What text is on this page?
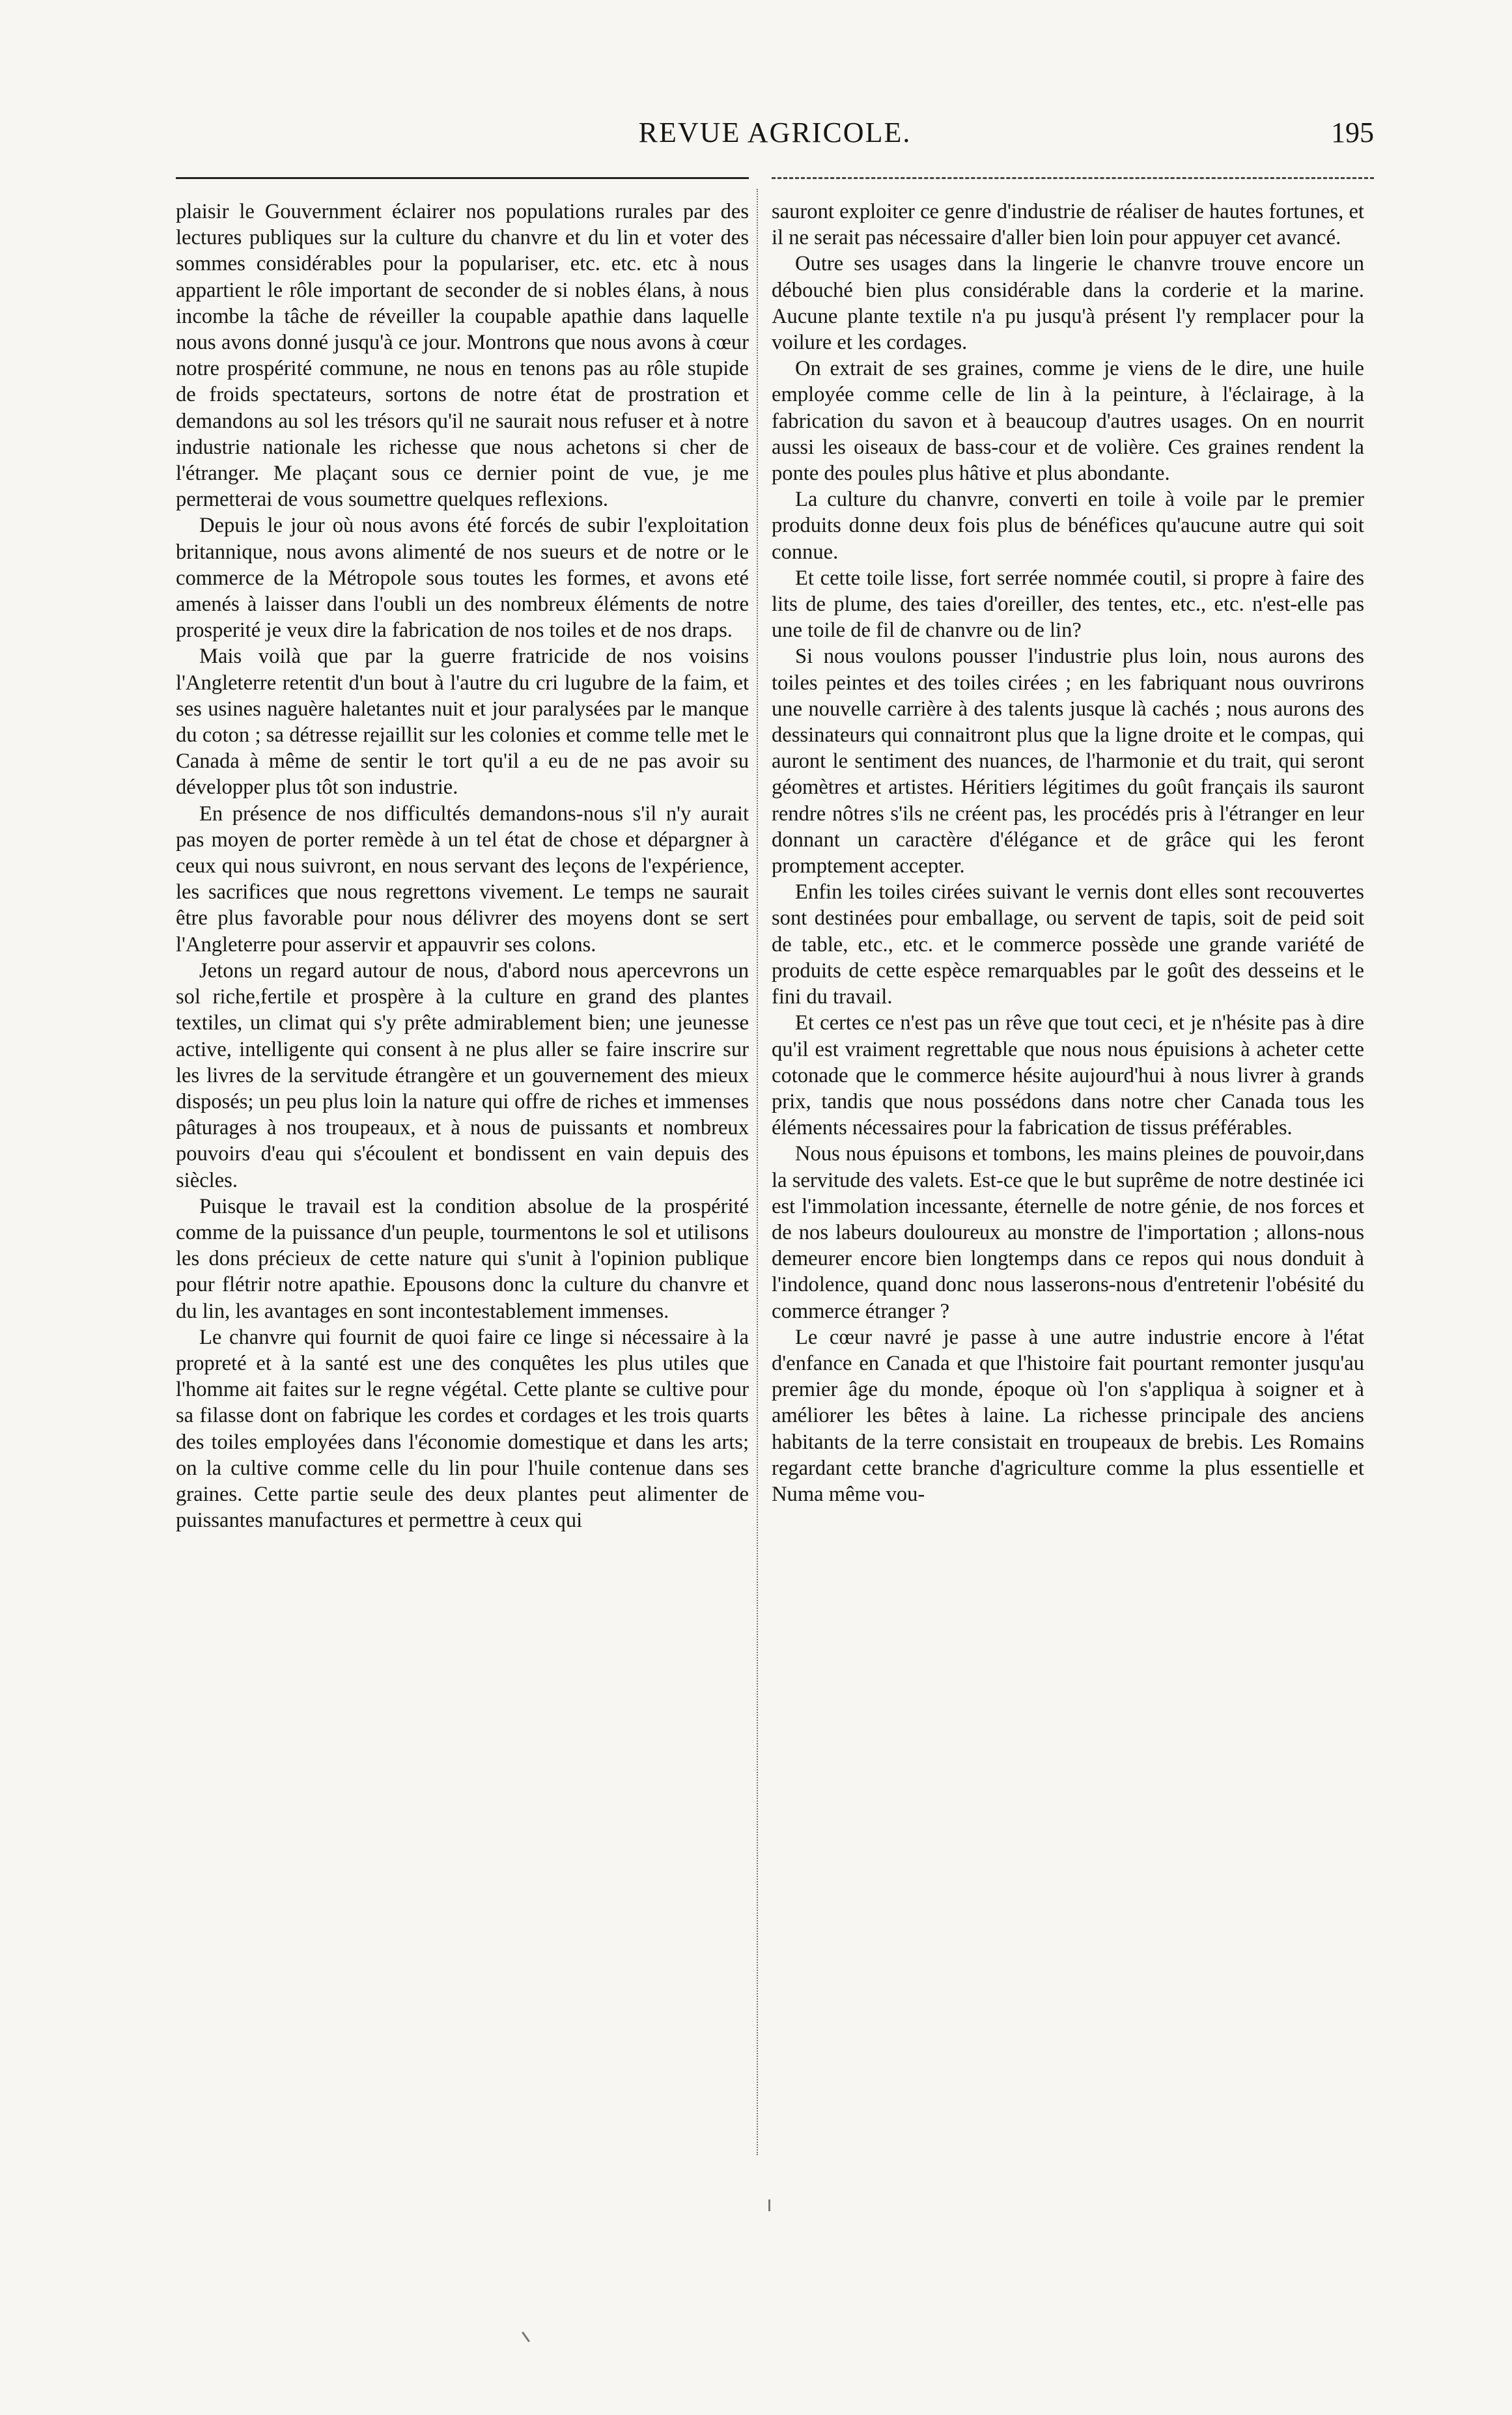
REVUE AGRICOLE.	195

plaisir le Gouvernment éclairer nos populations rurales par des lectures publiques sur la culture du chanvre et du lin et voter des sommes considérables pour la populariser, etc. etc. etc à nous appartient le rôle important de seconder de si nobles élans, à nous incombe la tâche de réveiller la coupable apathie dans laquelle nous avons donné jusqu'à ce jour. Montrons que nous avons à cœur notre prospérité commune, ne nous en tenons pas au rôle stupide de froids spectateurs, sortons de notre état de prostration et demandons au sol les trésors qu'il ne saurait nous refuser et à notre industrie nationale les richesse que nous achetons si cher de l'étranger. Me plaçant sous ce dernier point de vue, je me permetterai de vous soumettre quelques reflexions.

Depuis le jour où nous avons été forcés de subir l'exploitation britannique, nous avons alimenté de nos sueurs et de notre or le commerce de la Métropole sous toutes les formes, et avons eté amenés à laisser dans l'oubli un des nombreux éléments de notre prosperité je veux dire la fabrication de nos toiles et de nos draps.

Mais voilà que par la guerre fratricide de nos voisins l'Angleterre retentit d'un bout à l'autre du cri lugubre de la faim, et ses usines naguère haletantes nuit et jour paralysées par le manque du coton ; sa détresse rejaillit sur les colonies et comme telle met le Canada à même de sentir le tort qu'il a eu de ne pas avoir su développer plus tôt son industrie.

En présence de nos difficultés demandons-nous s'il n'y aurait pas moyen de porter remède à un tel état de chose et dépargner à ceux qui nous suivront, en nous servant des leçons de l'expérience, les sacrifices que nous regrettons vivement. Le temps ne saurait être plus favorable pour nous délivrer des moyens dont se sert l'Angleterre pour asservir et appauvrir ses colons.

Jetons un regard autour de nous, d'abord nous apercevrons un sol riche,fertile et prospère à la culture en grand des plantes textiles, un climat qui s'y prête admirablement bien; une jeunesse active, intelligente qui consent à ne plus aller se faire inscrire sur les livres de la servitude étrangère et un gouvernement des mieux disposés; un peu plus loin la nature qui offre de riches et immenses pâturages à nos troupeaux, et à nous de puissants et nombreux pouvoirs d'eau qui s'écoulent et bondissent en vain depuis des siècles.

Puisque le travail est la condition absolue de la prospérité comme de la puissance d'un peuple, tourmentons le sol et utilisons les dons précieux de cette nature qui s'unit à l'opinion publique pour flétrir notre apathie. Epousons donc la culture du chanvre et du lin, les avantages en sont incontestablement immenses.

Le chanvre qui fournit de quoi faire ce linge si nécessaire à la propreté et à la santé est une des conquêtes les plus utiles que l'homme ait faites sur le regne végétal. Cette plante se cultive pour sa filasse dont on fabrique les cordes et cordages et les trois quarts des toiles employées dans l'économie domestique et dans les arts; on la cultive comme celle du lin pour l'huile contenue dans ses graines. Cette partie seule des deux plantes peut alimenter de puissantes manufactures et permettre à ceux qui

sauront exploiter ce genre d'industrie de réaliser de hautes fortunes, et il ne serait pas nécessaire d'aller bien loin pour appuyer cet avancé.

Outre ses usages dans la lingerie le chanvre trouve encore un débouché bien plus considérable dans la corderie et la marine. Aucune plante textile n'a pu jusqu'à présent l'y remplacer pour la voilure et les cordages.

On extrait de ses graines, comme je viens de le dire, une huile employée comme celle de lin à la peinture, à l'éclairage, à la fabrication du savon et à beaucoup d'autres usages. On en nourrit aussi les oiseaux de bass-cour et de volière. Ces graines rendent la ponte des poules plus hâtive et plus abondante.

La culture du chanvre, converti en toile à voile par le premier produits donne deux fois plus de bénéfices qu'aucune autre qui soit connue.

Et cette toile lisse, fort serrée nommée coutil, si propre à faire des lits de plume, des taies d'oreiller, des tentes, etc., etc. n'est-elle pas une toile de fil de chanvre ou de lin?

Si nous voulons pousser l'industrie plus loin, nous aurons des toiles peintes et des toiles cirées ; en les fabriquant nous ouvrirons une nouvelle carrière à des talents jusque là cachés ; nous aurons des dessinateurs qui connaitront plus que la ligne droite et le compas, qui auront le sentiment des nuances, de l'harmonie et du trait, qui seront géomètres et artistes. Héritiers légitimes du goût français ils sauront rendre nôtres s'ils ne créent pas, les procédés pris à l'étranger en leur donnant un caractère d'élégance et de grâce qui les feront promptement accepter.

Enfin les toiles cirées suivant le vernis dont elles sont recouvertes sont destinées pour emballage, ou servent de tapis, soit de peid soit de table, etc., etc. et le commerce possède une grande variété de produits de cette espèce remarquables par le goût des desseins et le fini du travail.

Et certes ce n'est pas un rêve que tout ceci, et je n'hésite pas à dire qu'il est vraiment regrettable que nous nous épuisions à acheter cette cotonade que le commerce hésite aujourd'hui à nous livrer à grands prix, tandis que nous possédons dans notre cher Canada tous les éléments nécessaires pour la fabrication de tissus préférables.

Nous nous épuisons et tombons, les mains pleines de pouvoir,dans la servitude des valets. Est-ce que le but suprême de notre destinée ici est l'immolation incessante, éternelle de notre génie, de nos forces et de nos labeurs douloureux au monstre de l'importation ; allons-nous demeurer encore bien longtemps dans ce repos qui nous donduit à l'indolence, quand donc nous lasserons-nous d'entretenir l'obésité du commerce étranger ?

Le cœur navré je passe à une autre industrie encore à l'état d'enfance en Canada et que l'histoire fait pourtant remonter jusqu'au premier âge du monde, époque où l'on s'appliqua à soigner et à améliorer les bêtes à laine. La richesse principale des anciens habitants de la terre consistait en troupeaux de brebis. Les Romains regardant cette branche d'agriculture comme la plus essentielle et Numa même vou-
